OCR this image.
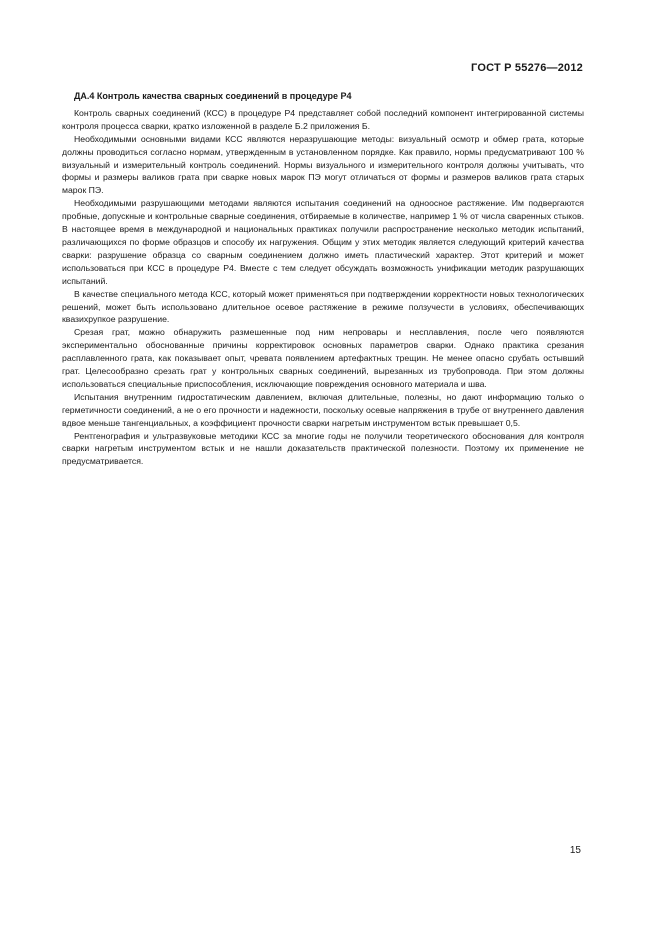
ГОСТ Р 55276—2012
ДА.4 Контроль качества сварных соединений в процедуре Р4

Контроль сварных соединений (КСС) в процедуре Р4 представляет собой последний компонент интегрированной системы контроля процесса сварки, кратко изложенной в разделе Б.2 приложения Б.

Необходимыми основными видами КСС являются неразрушающие методы: визуальный осмотр и обмер грата, которые должны проводиться согласно нормам, утвержденным в установленном порядке. Как правило, нормы предусматривают 100 % визуальный и измерительный контроль соединений. Нормы визуального и измерительного контроля должны учитывать, что формы и размеры валиков грата при сварке новых марок ПЭ могут отличаться от формы и размеров валиков грата старых марок ПЭ.

Необходимыми разрушающими методами являются испытания соединений на одноосное растяжение. Им подвергаются пробные, допускные и контрольные сварные соединения, отбираемые в количестве, например 1 % от числа сваренных стыков. В настоящее время в международной и национальных практиках получили распространение несколько методик испытаний, различающихся по форме образцов и способу их нагружения. Общим у этих методик является следующий критерий качества сварки: разрушение образца со сварным соединением должно иметь пластический характер. Этот критерий и может использоваться при КСС в процедуре Р4. Вместе с тем следует обсуждать возможность унификации методик разрушающих испытаний.

В качестве специального метода КСС, который может применяться при подтверждении корректности новых технологических решений, может быть использовано длительное осевое растяжение в режиме ползучести в условиях, обеспечивающих квазихрупкое разрушение.

Срезая грат, можно обнаружить размешенные под ним непровары и несплавления, после чего появляются экспериментально обоснованные причины корректировок основных параметров сварки. Однако практика срезания расплавленного грата, как показывает опыт, чревата появлением артефактных трещин. Не менее опасно срубать остывший грат. Целесообразно срезать грат у контрольных сварных соединений, вырезанных из трубопровода. При этом должны использоваться специальные приспособления, исключающие повреждения основного материала и шва.

Испытания внутренним гидростатическим давлением, включая длительные, полезны, но дают информацию только о герметичности соединений, а не о его прочности и надежности, поскольку осевые напряжения в трубе от внутреннего давления вдвое меньше тангенциальных, а коэффициент прочности сварки нагретым инструментом встык превышает 0,5.

Рентгенография и ультразвуковые методики КСС за многие годы не получили теоретического обоснования для контроля сварки нагретым инструментом встык и не нашли доказательств практической полезности. Поэтому их применение не предусматривается.

15
